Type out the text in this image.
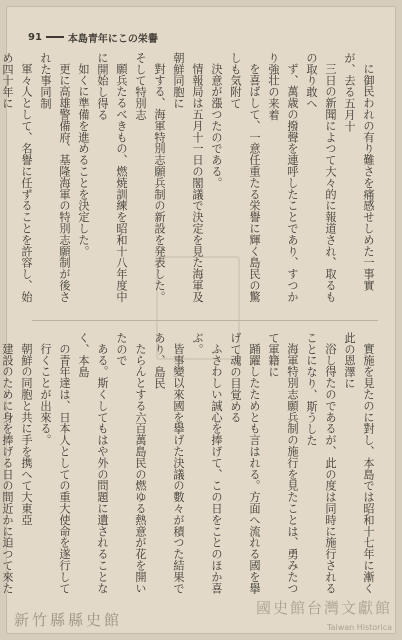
91	本島青年にこの栄譽

に御民われの有り難さを痛感せしめた一事實が、去る五月十

三日の新聞によつて大々的に報道され、取るもの取り敢へ

ず、萬歳の撥聲を連呼したことであり、すつかり強壮の来着

を喜ばして、一意任重たる栄譽に輝く島民の驚しも気附て

決意が漲つたのである。

情報局は五月十一日の閣議で決定を見た海軍及朝鮮同胞に

對する、海軍特別志願兵制の新設を発表した。そして特別志

願兵たるべきもの、燃焼訓練を昭和十八年度中に開始し得る

如くに準備を進めることを決定した。

更に高雄警備府、基隆海軍の特別志願制が後された事同制

軍々人として、名譽に任ずることを許容し、始め四十年に

實施を見たのに對し、本島では昭和十七年に漸く此の恩澤に

浴し得たのであるが、此の度は同時に施行されることになり、斯うした

海軍特別志願兵制の施行を見たことは、勇みたつて軍籍に

踊躍したためとも言はれる。方面へ流れる國を擧げて魂の目覚める

ふさわしい誠心を捧げて、この日をことのほか喜ぶ。

皆事變以來國を擧げた決議の數々が積つた結果であり、島民

たらんとする六百萬島民の燃ゆる熱意が花を開いたので

ある。斯くしてもはや外の問題に遺されることなく、本島

の青年達は、日本人としての重大使命を遂行して

行くことが出來る。

朝鮮の同胞と共に手を携へて大東亞

建設のために身を捧げる日の間近かに迫つて來た

新竹縣縣史館
國史館台灣文獻館
Taiwan Historica
